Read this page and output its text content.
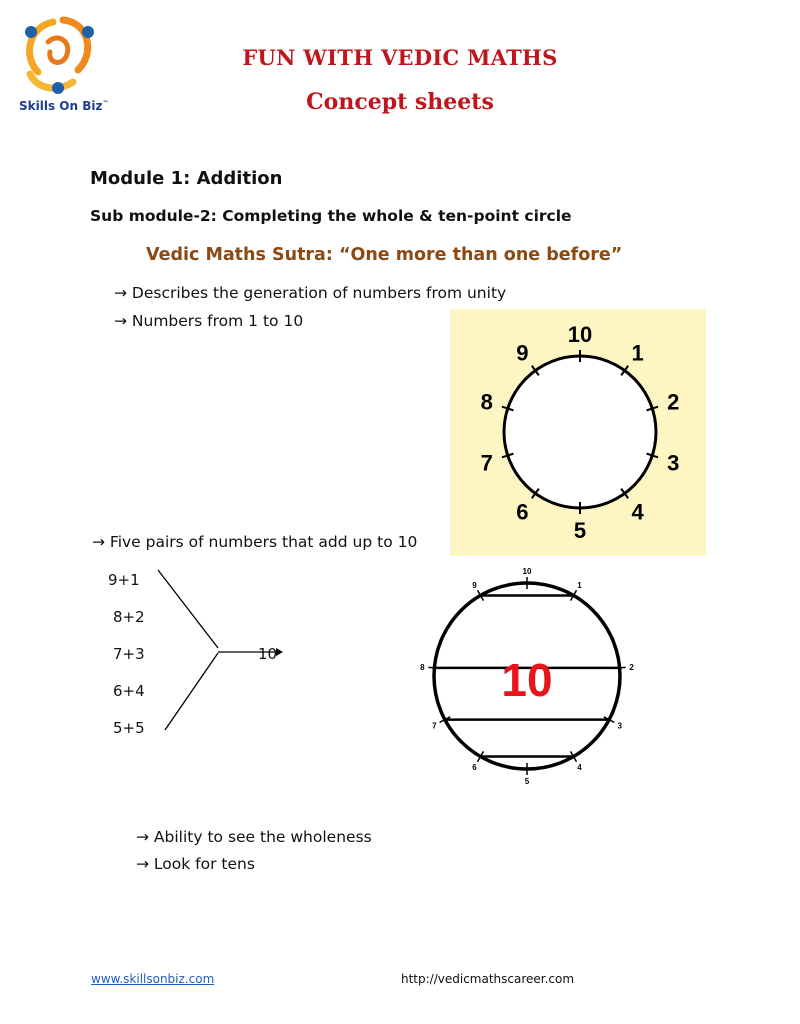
Skills On Biz™
FUN WITH VEDIC MATHS
Concept sheets
Module 1: Addition
Sub module-2: Completing the whole & ten-point circle
Vedic Maths Sutra: “One more than one before”
→ Describes the generation of numbers from unity
→ Numbers from 1 to 10
10
1
2
3
4
5
6
7
8
9
→ Five pairs of numbers that add up to 10
9+1
8+2
7+3
6+4
5+5
10
10
1
2
3
4
5
6
7
8
9
10
→ Ability to see the wholeness
→ Look for tens
www.skillsonbiz.com	http://vedicmathscareer.com
